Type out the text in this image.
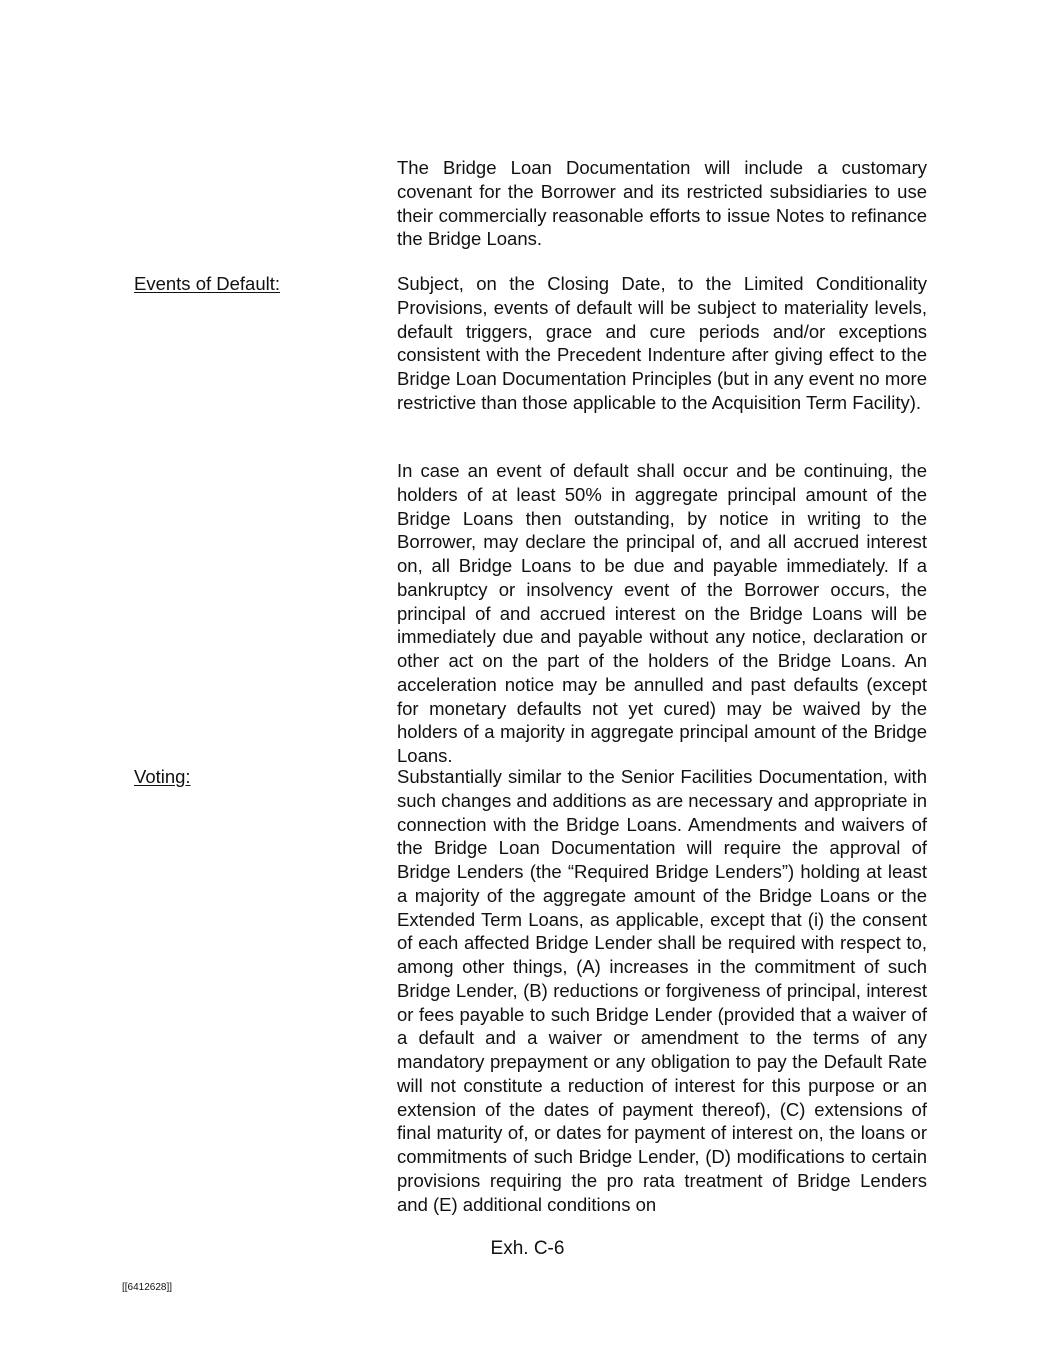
The Bridge Loan Documentation will include a customary covenant for the Borrower and its restricted subsidiaries to use their commercially reasonable efforts to issue Notes to refinance the Bridge Loans.
Events of Default:	Subject, on the Closing Date, to the Limited Conditionality Provisions, events of default will be subject to materiality levels, default triggers, grace and cure periods and/or exceptions consistent with the Precedent Indenture after giving effect to the Bridge Loan Documentation Principles (but in any event no more restrictive than those applicable to the Acquisition Term Facility).
In case an event of default shall occur and be continuing, the holders of at least 50% in aggregate principal amount of the Bridge Loans then outstanding, by notice in writing to the Borrower, may declare the principal of, and all accrued interest on, all Bridge Loans to be due and payable immediately. If a bankruptcy or insolvency event of the Borrower occurs, the principal of and accrued interest on the Bridge Loans will be immediately due and payable without any notice, declaration or other act on the part of the holders of the Bridge Loans. An acceleration notice may be annulled and past defaults (except for monetary defaults not yet cured) may be waived by the holders of a majority in aggregate principal amount of the Bridge Loans.
Voting:	Substantially similar to the Senior Facilities Documentation, with such changes and additions as are necessary and appropriate in connection with the Bridge Loans. Amendments and waivers of the Bridge Loan Documentation will require the approval of Bridge Lenders (the “Required Bridge Lenders”) holding at least a majority of the aggregate amount of the Bridge Loans or the Extended Term Loans, as applicable, except that (i) the consent of each affected Bridge Lender shall be required with respect to, among other things, (A) increases in the commitment of such Bridge Lender, (B) reductions or forgiveness of principal, interest or fees payable to such Bridge Lender (provided that a waiver of a default and a waiver or amendment to the terms of any mandatory prepayment or any obligation to pay the Default Rate will not constitute a reduction of interest for this purpose or an extension of the dates of payment thereof), (C) extensions of final maturity of, or dates for payment of interest on, the loans or commitments of such Bridge Lender, (D) modifications to certain provisions requiring the pro rata treatment of Bridge Lenders and (E) additional conditions on
Exh. C-6
[[6412628]]
